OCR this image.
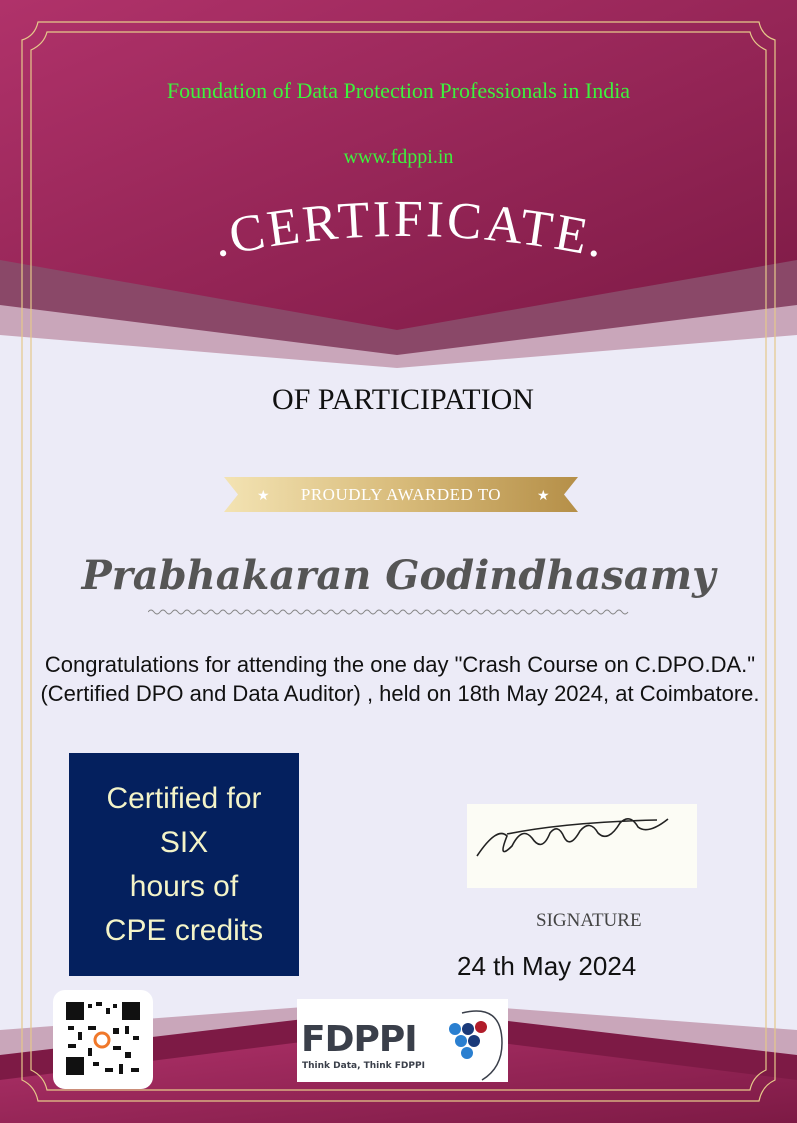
.CERTIFICATE.
Foundation of Data Protection Professionals in India
www.fdppi.in
OF PARTICIPATION
★	★
PROUDLY AWARDED TO
Prabhakaran Godindhasamy
Congratulations for attending the one day "Crash Course on C.DPO.DA." (Certified DPO and Data Auditor) , held on 18th May 2024, at Coimbatore.
Certified for
SIX
hours of
CPE credits	SIGNATURE
24 th May 2024
FDPPI
Think Data, Think FDPPI
